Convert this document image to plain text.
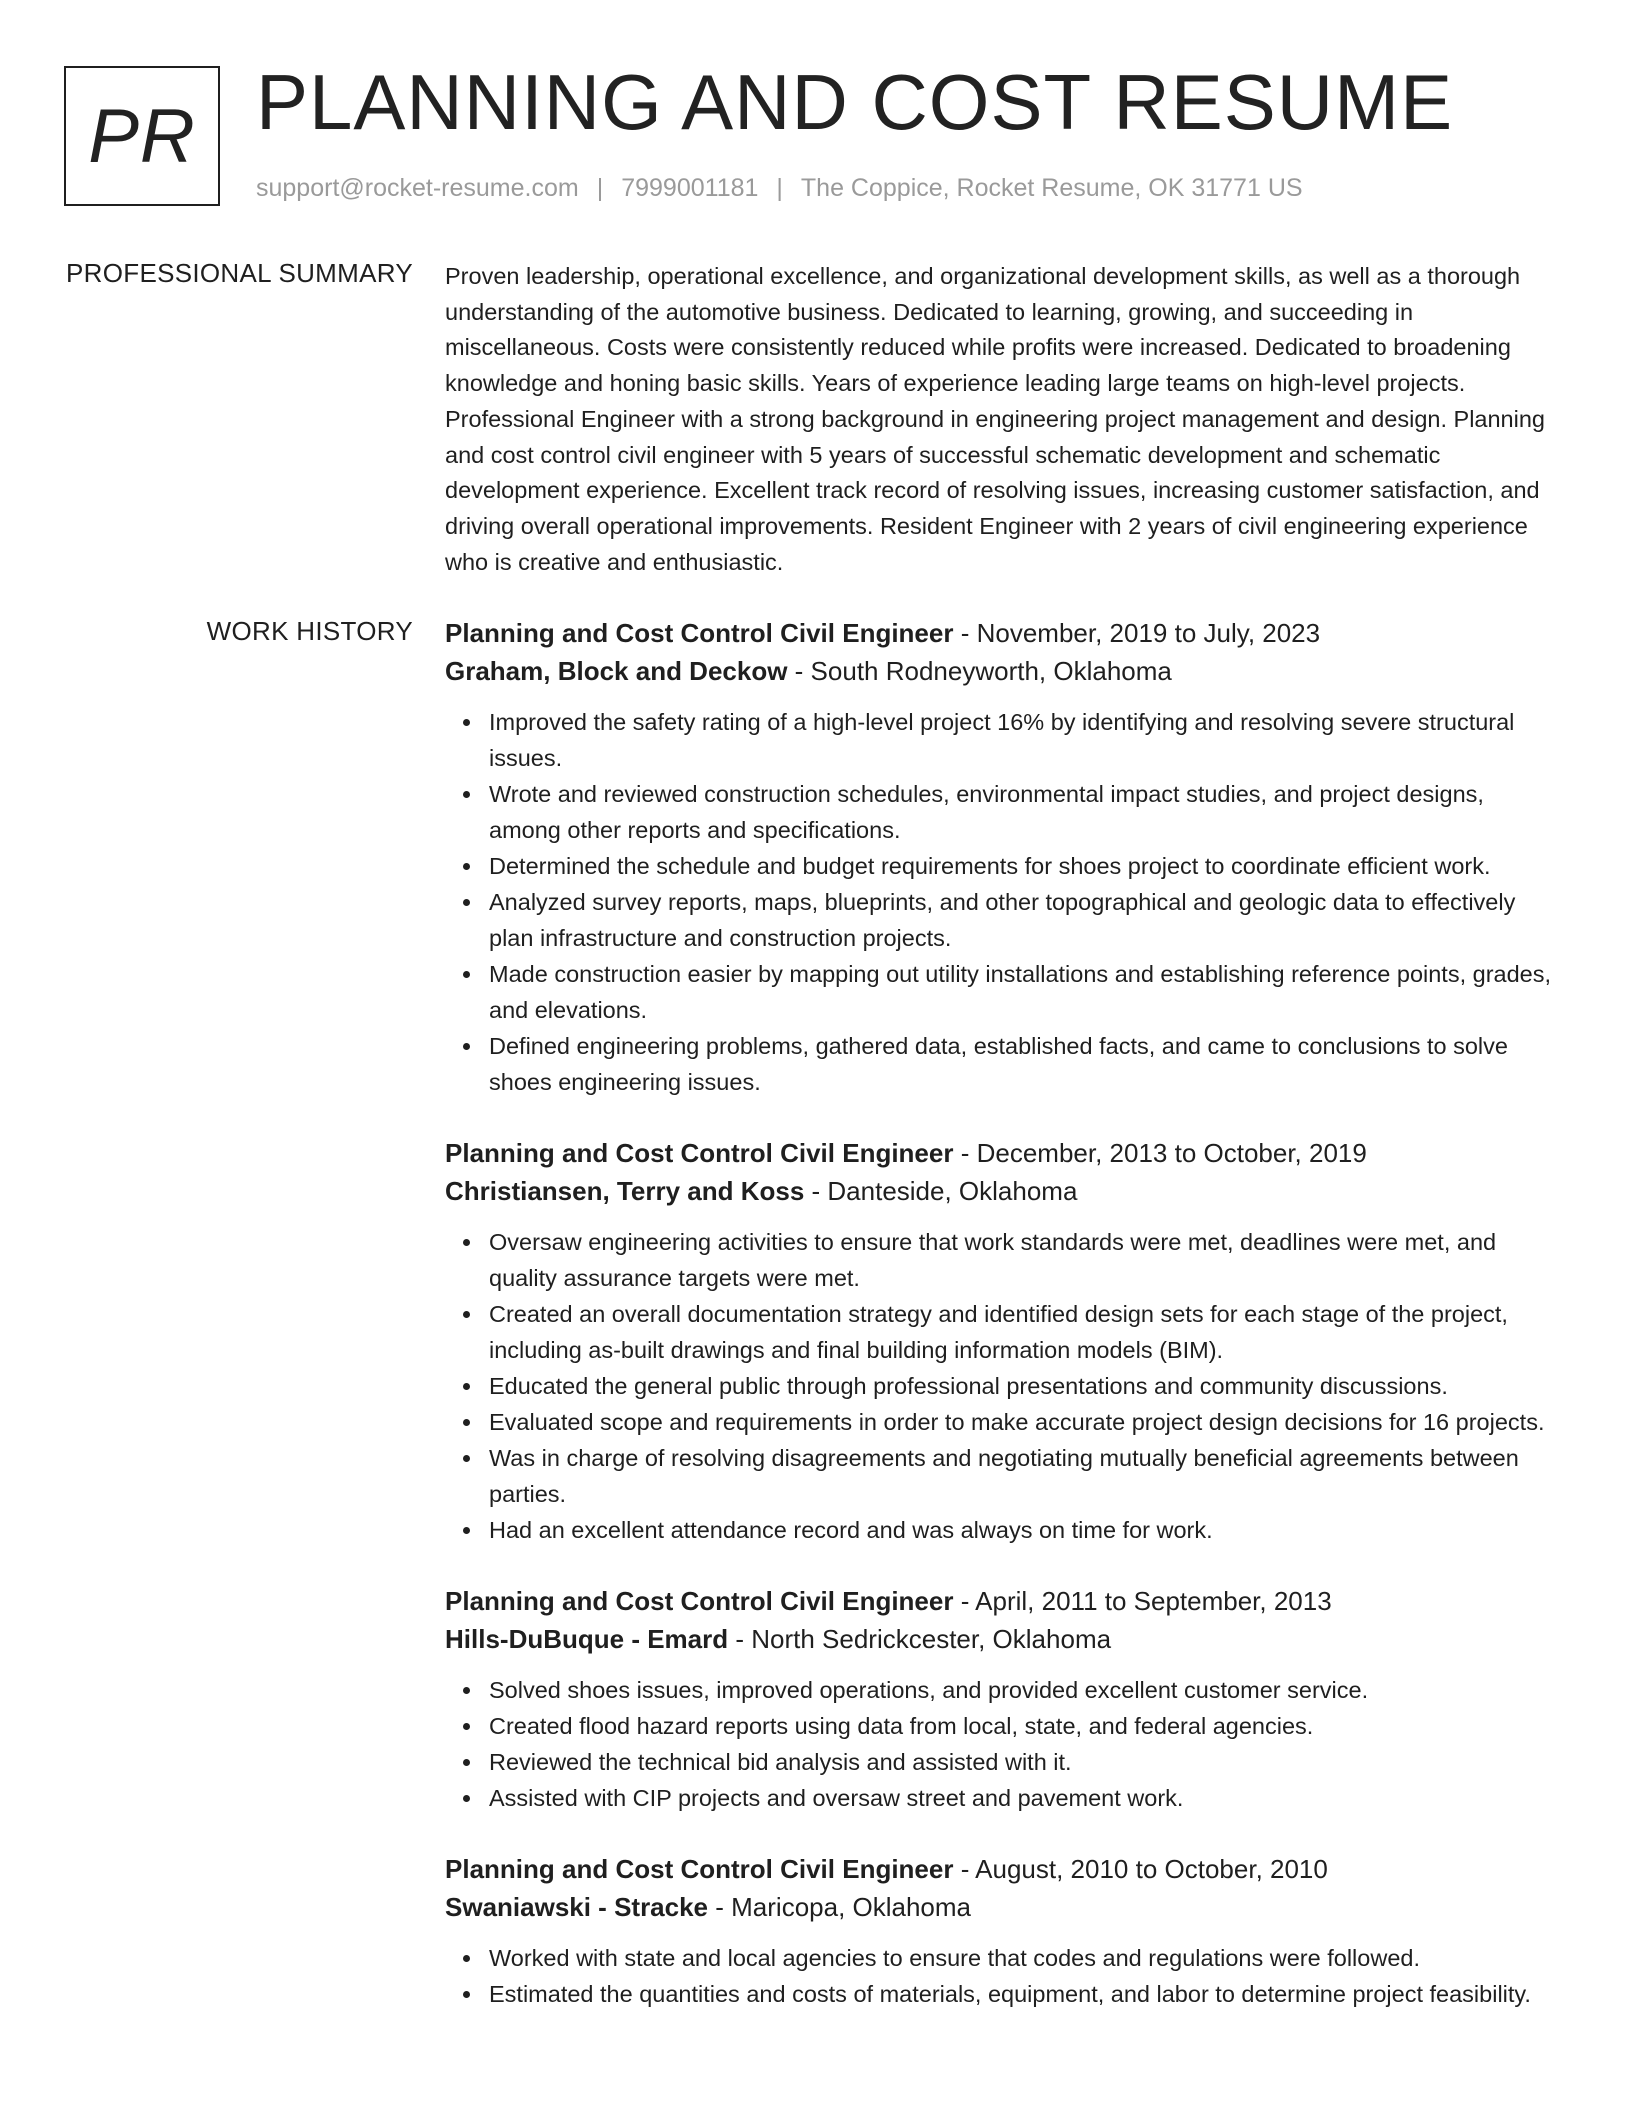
PR PLANNING AND COST RESUME
support@rocket-resume.com | 7999001181 | The Coppice, Rocket Resume, OK 31771 US
PROFESSIONAL SUMMARY Proven leadership, operational excellence, and organizational development skills, as well as a thorough understanding of the automotive business. Dedicated to learning, growing, and succeeding in miscellaneous. Costs were consistently reduced while profits were increased. Dedicated to broadening knowledge and honing basic skills. Years of experience leading large teams on high-level projects. Professional Engineer with a strong background in engineering project management and design. Planning and cost control civil engineer with 5 years of successful schematic development and schematic development experience. Excellent track record of resolving issues, increasing customer satisfaction, and driving overall operational improvements. Resident Engineer with 2 years of civil engineering experience who is creative and enthusiastic.

WORK HISTORY Planning and Cost Control Civil Engineer - November, 2019 to July, 2023
Graham, Block and Deckow - South Rodneyworth, Oklahoma
Improved the safety rating of a high-level project 16% by identifying and resolving severe structural issues.
Wrote and reviewed construction schedules, environmental impact studies, and project designs, among other reports and specifications.
Determined the schedule and budget requirements for shoes project to coordinate efficient work.
Analyzed survey reports, maps, blueprints, and other topographical and geologic data to effectively plan infrastructure and construction projects.
Made construction easier by mapping out utility installations and establishing reference points, grades, and elevations.
Defined engineering problems, gathered data, established facts, and came to conclusions to solve shoes engineering issues.
Planning and Cost Control Civil Engineer - December, 2013 to October, 2019
Christiansen, Terry and Koss - Danteside, Oklahoma
Oversaw engineering activities to ensure that work standards were met, deadlines were met, and quality assurance targets were met.
Created an overall documentation strategy and identified design sets for each stage of the project, including as-built drawings and final building information models (BIM).
Educated the general public through professional presentations and community discussions.
Evaluated scope and requirements in order to make accurate project design decisions for 16 projects.
Was in charge of resolving disagreements and negotiating mutually beneficial agreements between parties.
Had an excellent attendance record and was always on time for work.
Planning and Cost Control Civil Engineer - April, 2011 to September, 2013
Hills-DuBuque - Emard - North Sedrickcester, Oklahoma
Solved shoes issues, improved operations, and provided excellent customer service.
Created flood hazard reports using data from local, state, and federal agencies.
Reviewed the technical bid analysis and assisted with it.
Assisted with CIP projects and oversaw street and pavement work.
Planning and Cost Control Civil Engineer - August, 2010 to October, 2010
Swaniawski - Stracke - Maricopa, Oklahoma
Worked with state and local agencies to ensure that codes and regulations were followed.
Estimated the quantities and costs of materials, equipment, and labor to determine project feasibility.
